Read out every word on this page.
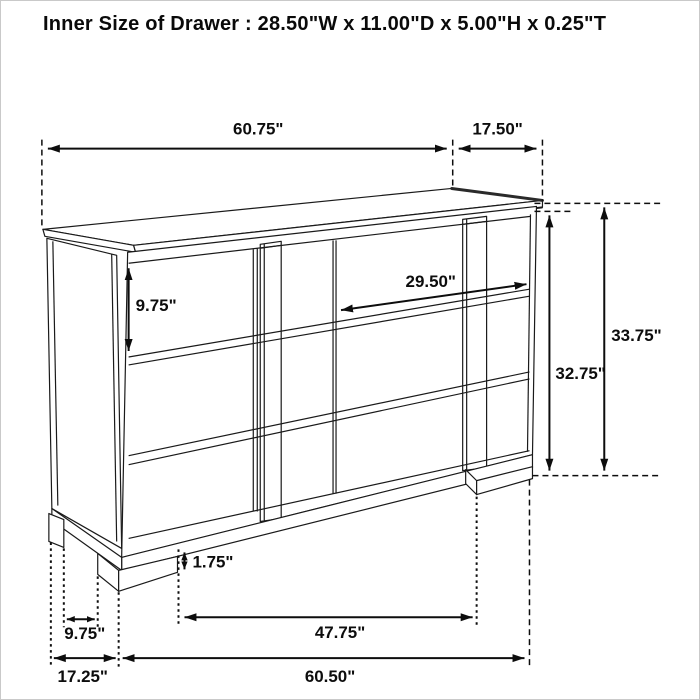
Inner Size of Drawer : 28.50"W x 11.00"D x 5.00"H x 0.25"T
60.75"	17.50"
33.75"
32.75"
9.75"
29.50"
1.75"
9.75"	47.75"
17.25"	60.50"
